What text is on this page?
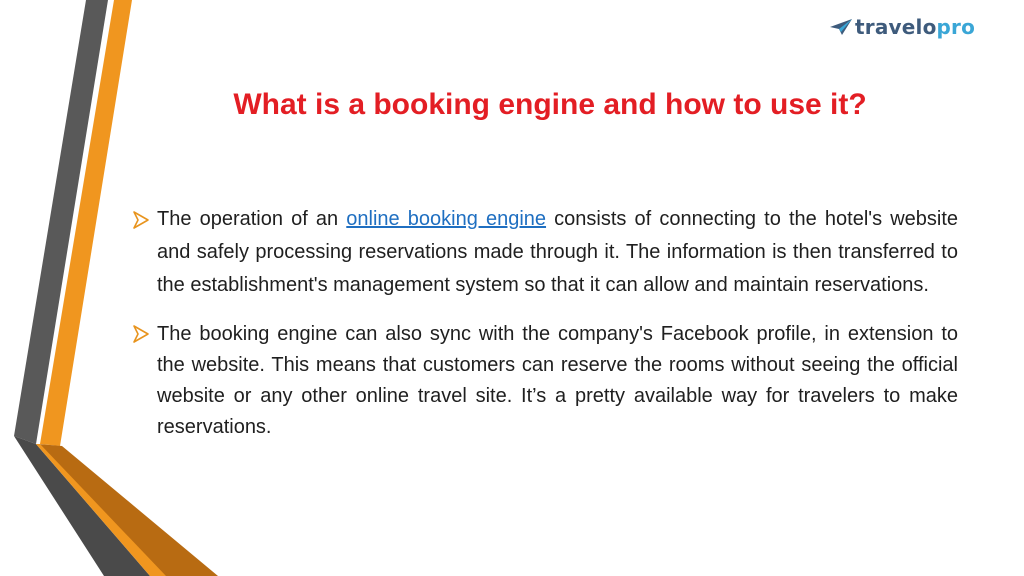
travelopro
What is a booking engine and how to use it?
The operation of an online booking engine consists of connecting to the hotel's website and safely processing reservations made through it. The information is then transferred to the establishment's management system so that it can allow and maintain reservations.
The booking engine can also sync with the company's Facebook profile, in extension to the website. This means that customers can reserve the rooms without seeing the official website or any other online travel site. It’s a pretty available way for travelers to make reservations.
